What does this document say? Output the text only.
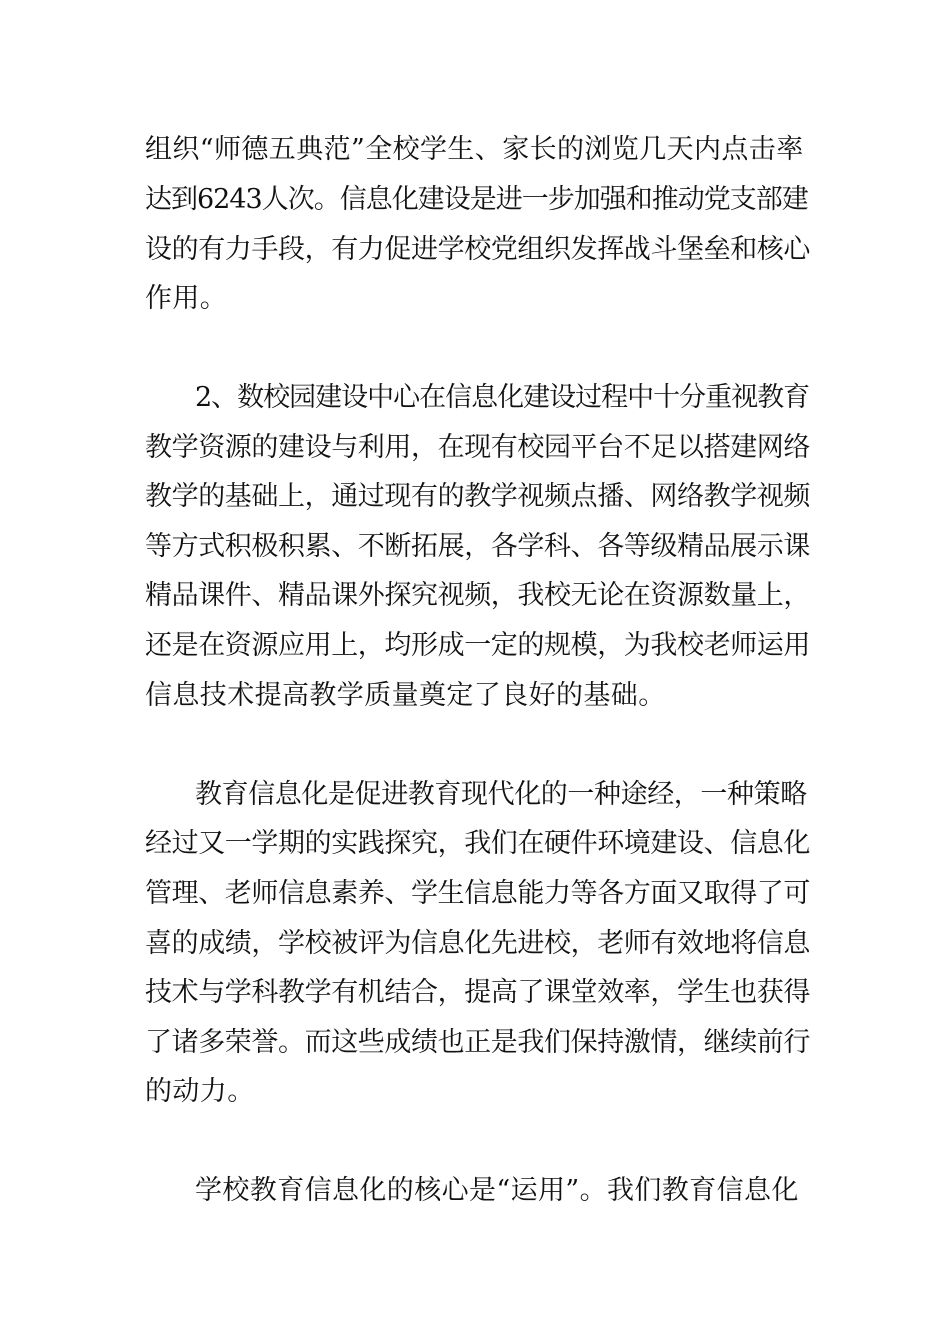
组织“师德五典范”全校学生、家长的浏览几天内点击率
达到6243人次。信息化建设是进一步加强和推动党支部建
设的有力手段，有力促进学校党组织发挥战斗堡垒和核心
作用。
2、数校园建设中心在信息化建设过程中十分重视教育
教学资源的建设与利用，在现有校园平台不足以搭建网络
教学的基础上，通过现有的教学视频点播、网络教学视频
等方式积极积累、不断拓展，各学科、各等级精品展示课
精品课件、精品课外探究视频，我校无论在资源数量上，
还是在资源应用上，均形成一定的规模，为我校老师运用
信息技术提高教学质量奠定了良好的基础。
教育信息化是促进教育现代化的一种途经，一种策略
经过又一学期的实践探究，我们在硬件环境建设、信息化
管理、老师信息素养、学生信息能力等各方面又取得了可
喜的成绩，学校被评为信息化先进校，老师有效地将信息
技术与学科教学有机结合，提高了课堂效率，学生也获得
了诸多荣誉。而这些成绩也正是我们保持激情，继续前行
的动力。
学校教育信息化的核心是“运用”。我们教育信息化
